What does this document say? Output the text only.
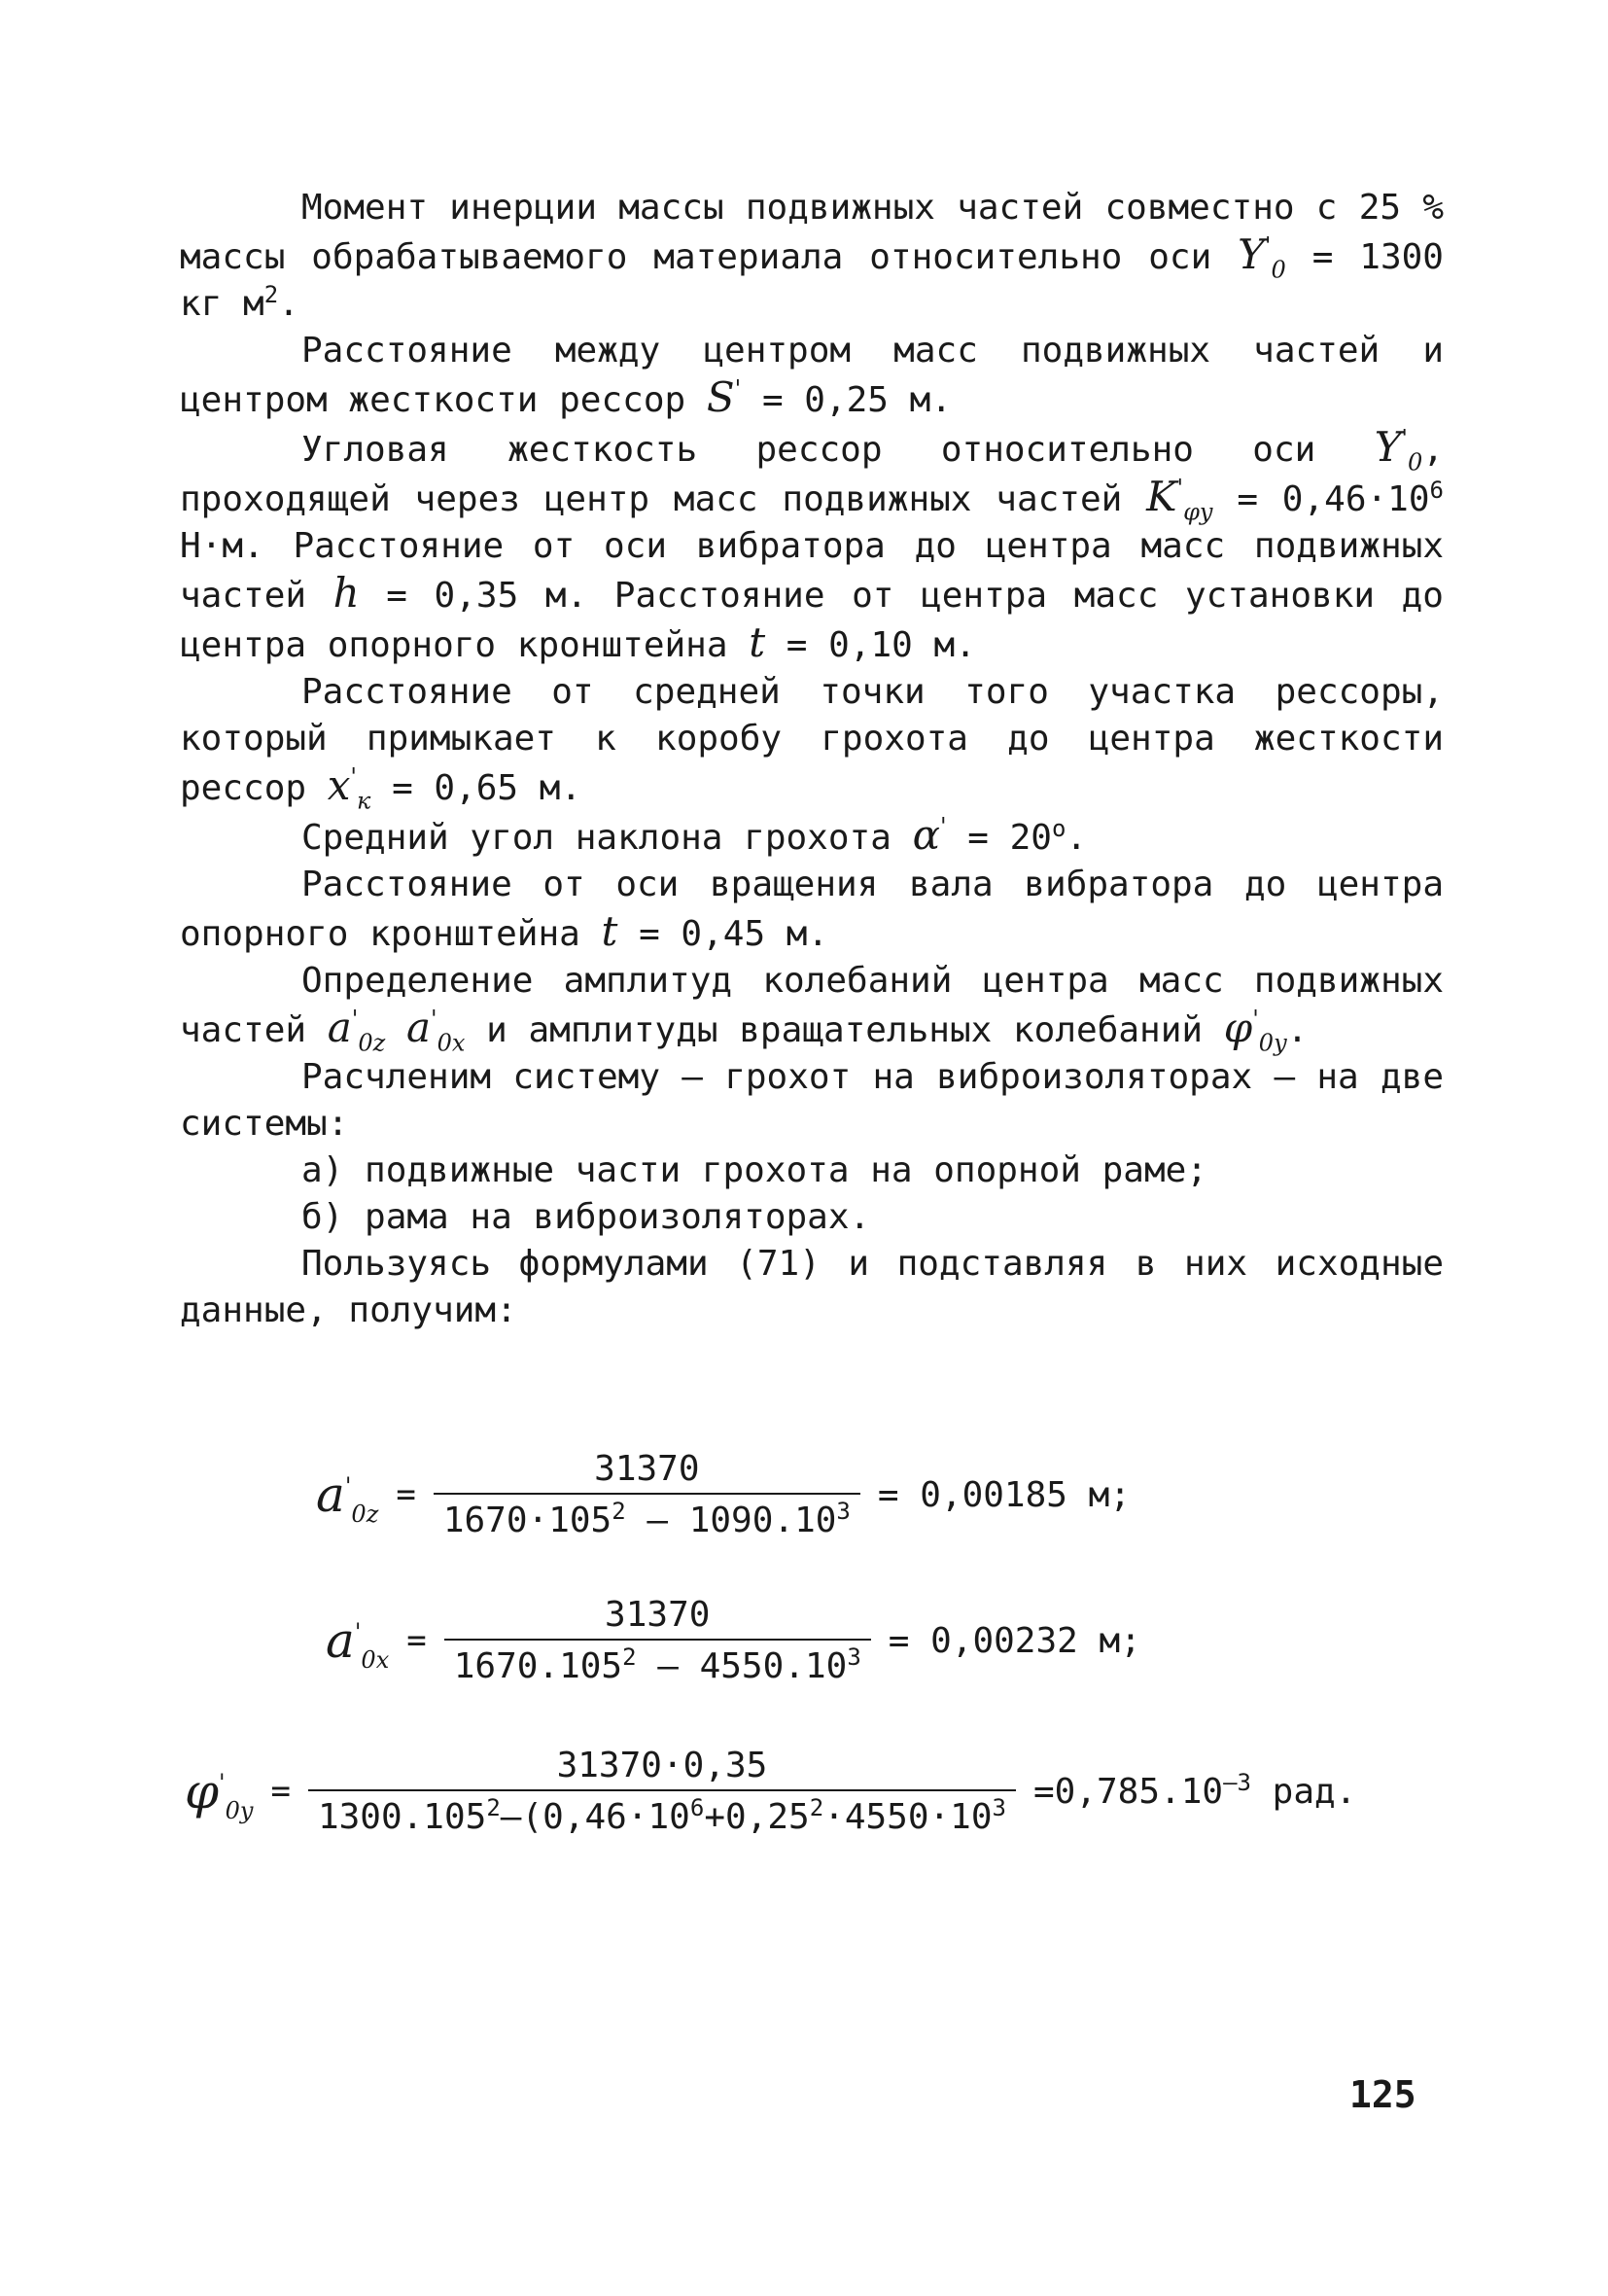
Момент инерции массы подвижных частей совместно с 25 % массы обрабатываемого материала относительно оси $Y'_0 = 1300$ кг $м^2$.

Расстояние между центром масс подвижных частей и центром жесткости рессор S' = 0,25 м.

Угловая жесткость рессор относительно оси $Y'_0$, проходящей через центр масс подвижных частей $K'_{\varphi y} = 0,46\cdot 10^6$ Н·м. Расстояние от оси вибратора до центра масс подвижных частей h = 0,35 м. Расстояние от центра масс установки до центра опорного кронштейна t = 0,10 м.

Расстояние от средней точки того участка рессоры, который примыкает к коробу грохота до центра жесткости рессор $x'_к = 0,65$ м.

Средний угол наклона грохота $\alpha' = 20^о$.

Расстояние от оси вращения вала вибратора до центра опорного кронштейна t = 0,45 м.

Определение амплитуд колебаний центра масс подвижных частей $a'_{0z}$ $a'_{0x}$ и амплитуды вращательных колебаний $\varphi'_{0y}$.

Расчленим систему – грохот на виброизоляторах – на две системы:

а) подвижные части грохота на опорной раме;

б) рама на виброизоляторах.

Пользуясь формулами (71) и подставляя в них исходные данные, получим:

$a'_{0z} = \frac{31370}{1670\cdot 105^2 - 1090.10^3} = 0,00185$ м;
$a'_{0x} = \frac{31370}{1670.105^2 - 4550.10^3} = 0,00232$ м;
$\varphi'_{0y} = \frac{31370\cdot 0,35}{1300.105^2-(0,46\cdot 10^6+0,25^2\cdot 4550\cdot 10^3} =0,785.10^{-3}$ рад.
125
